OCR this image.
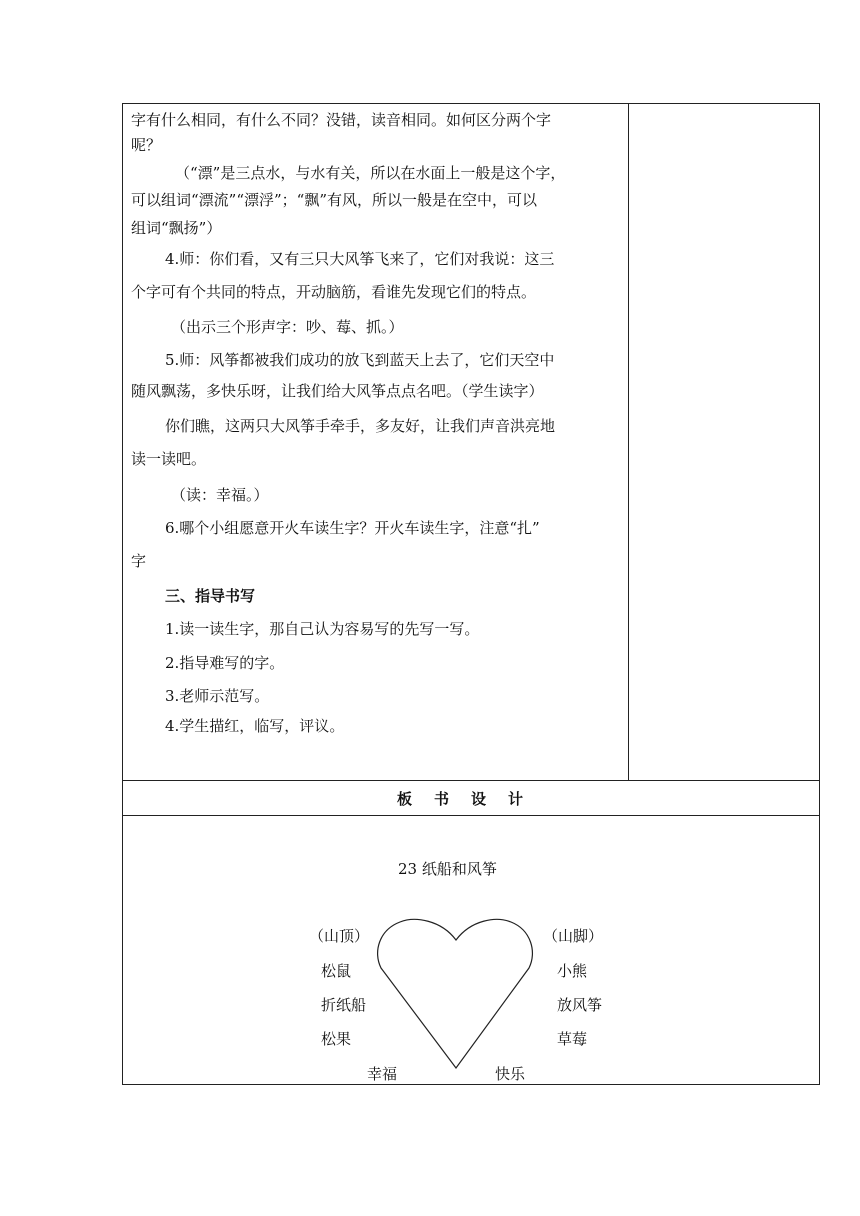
字有什么相同，有什么不同？没错，读音相同。如何区分两个字
呢？
（“漂”是三点水，与水有关，所以在水面上一般是这个字，
可以组词“漂流”“漂浮”；“飘”有风，所以一般是在空中，可以
组词“飘扬”）
4.师：你们看，又有三只大风筝飞来了，它们对我说：这三
个字可有个共同的特点，开动脑筋，看谁先发现它们的特点。
（出示三个形声字：吵、莓、抓。）
5.师：风筝都被我们成功的放飞到蓝天上去了，它们天空中
随风飘荡，多快乐呀，让我们给大风筝点点名吧。（学生读字）
你们瞧，这两只大风筝手牵手，多友好，让我们声音洪亮地
读一读吧。
（读：幸福。）
6.哪个小组愿意开火车读生字？开火车读生字，注意“扎”
字
三、指导书写
1.读一读生字，那自己认为容易写的先写一写。
2.指导难写的字。
3.老师示范写。
4.学生描红，临写，评议。
板书设计
23 纸船和风筝
（山顶）
松鼠
折纸船
松果
（山脚）
小熊
放风筝
草莓
幸福	快乐
